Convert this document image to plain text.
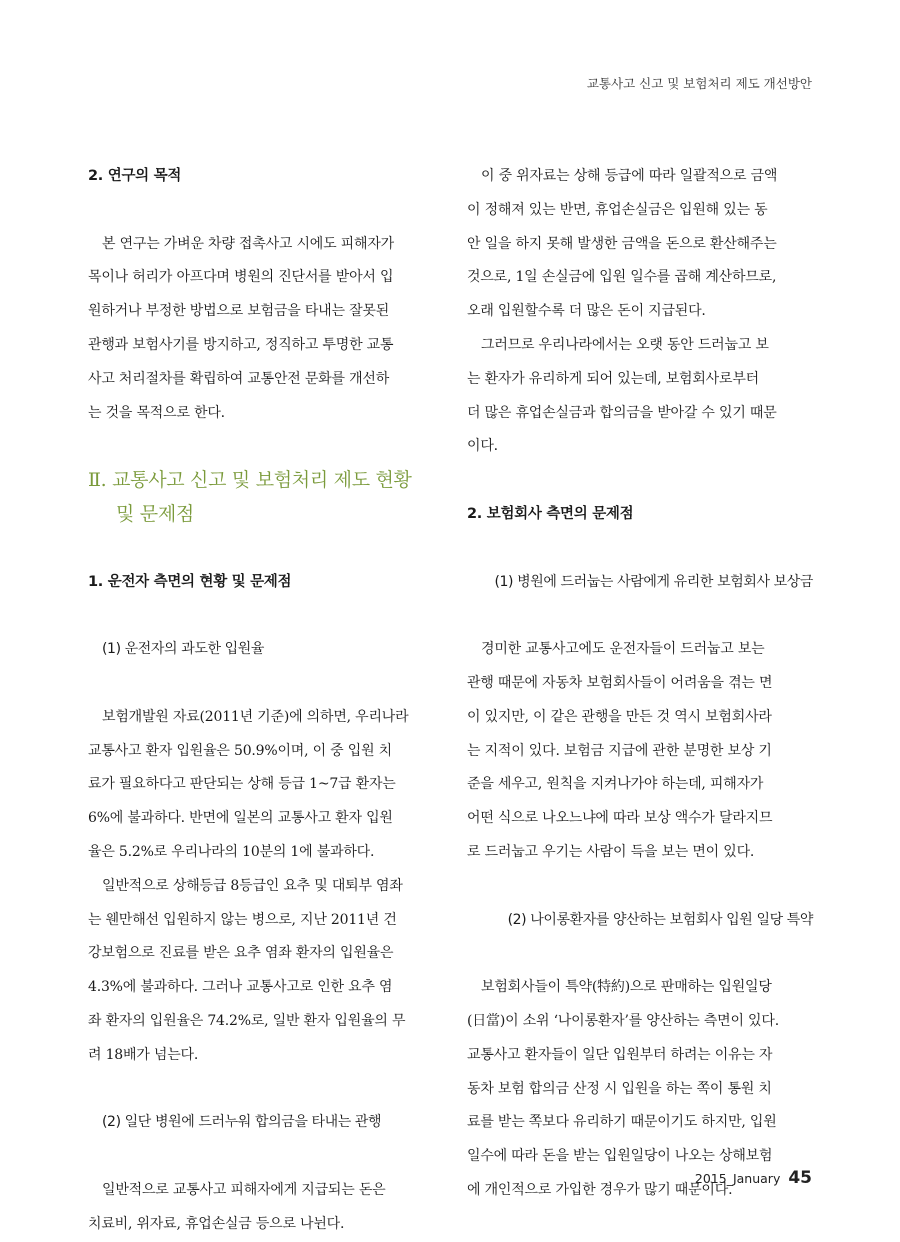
교통사고 신고 및 보험처리 제도 개선방안
2. 연구의 목적
본 연구는 가벼운 차량 접촉사고 시에도 피해자가
목이나 허리가 아프다며 병원의 진단서를 받아서 입
원하거나 부정한 방법으로 보험금을 타내는 잘못된
관행과 보험사기를 방지하고, 정직하고 투명한 교통
사고 처리절차를 확립하여 교통안전 문화를 개선하
는 것을 목적으로 한다.
Ⅱ. 교통사고 신고 및 보험처리 제도 현황
및 문제점
1. 운전자 측면의 현황 및 문제점
(1) 운전자의 과도한 입원율
보험개발원 자료(2011년 기준)에 의하면, 우리나라
교통사고 환자 입원율은 50.9%이며, 이 중 입원 치
료가 필요하다고 판단되는 상해 등급 1~7급 환자는
6%에 불과하다. 반면에 일본의 교통사고 환자 입원
율은 5.2%로 우리나라의 10분의 1에 불과하다.
일반적으로 상해등급 8등급인 요추 및 대퇴부 염좌
는 웬만해선 입원하지 않는 병으로, 지난 2011년 건
강보험으로 진료를 받은 요추 염좌 환자의 입원율은
4.3%에 불과하다. 그러나 교통사고로 인한 요추 염
좌 환자의 입원율은 74.2%로, 일반 환자 입원율의 무
려 18배가 넘는다.
(2) 일단 병원에 드러누워 합의금을 타내는 관행
일반적으로 교통사고 피해자에게 지급되는 돈은
치료비, 위자료, 휴업손실금 등으로 나뉜다.
이 중 위자료는 상해 등급에 따라 일괄적으로 금액
이 정해져 있는 반면, 휴업손실금은 입원해 있는 동
안 일을 하지 못해 발생한 금액을 돈으로 환산해주는
것으로, 1일 손실금에 입원 일수를 곱해 계산하므로,
오래 입원할수록 더 많은 돈이 지급된다.
그러므로 우리나라에서는 오랫 동안 드러눕고 보
는 환자가 유리하게 되어 있는데, 보험회사로부터
더 많은 휴업손실금과 합의금을 받아갈 수 있기 때문
이다.
2. 보험회사 측면의 문제점
(1) 병원에 드러눕는 사람에게 유리한 보험회사 보상금
경미한 교통사고에도 운전자들이 드러눕고 보는
관행 때문에 자동차 보험회사들이 어려움을 겪는 면
이 있지만, 이 같은 관행을 만든 것 역시 보험회사라
는 지적이 있다. 보험금 지급에 관한 분명한 보상 기
준을 세우고, 원칙을 지켜나가야 하는데, 피해자가
어떤 식으로 나오느냐에 따라 보상 액수가 달라지므
로 드러눕고 우기는 사람이 득을 보는 면이 있다.
(2) 나이롱환자를 양산하는 보험회사 입원 일당 특약
보험회사들이 특약(特約)으로 판매하는 입원일당
(日當)이 소위 ‘나이롱환자’를 양산하는 측면이 있다.
교통사고 환자들이 일단 입원부터 하려는 이유는 자
동차 보험 합의금 산정 시 입원을 하는 쪽이 통원 치
료를 받는 쪽보다 유리하기 때문이기도 하지만, 입원
일수에 따라 돈을 받는 입원일당이 나오는 상해보험
에 개인적으로 가입한 경우가 많기 때문이다.
2015_January 45
